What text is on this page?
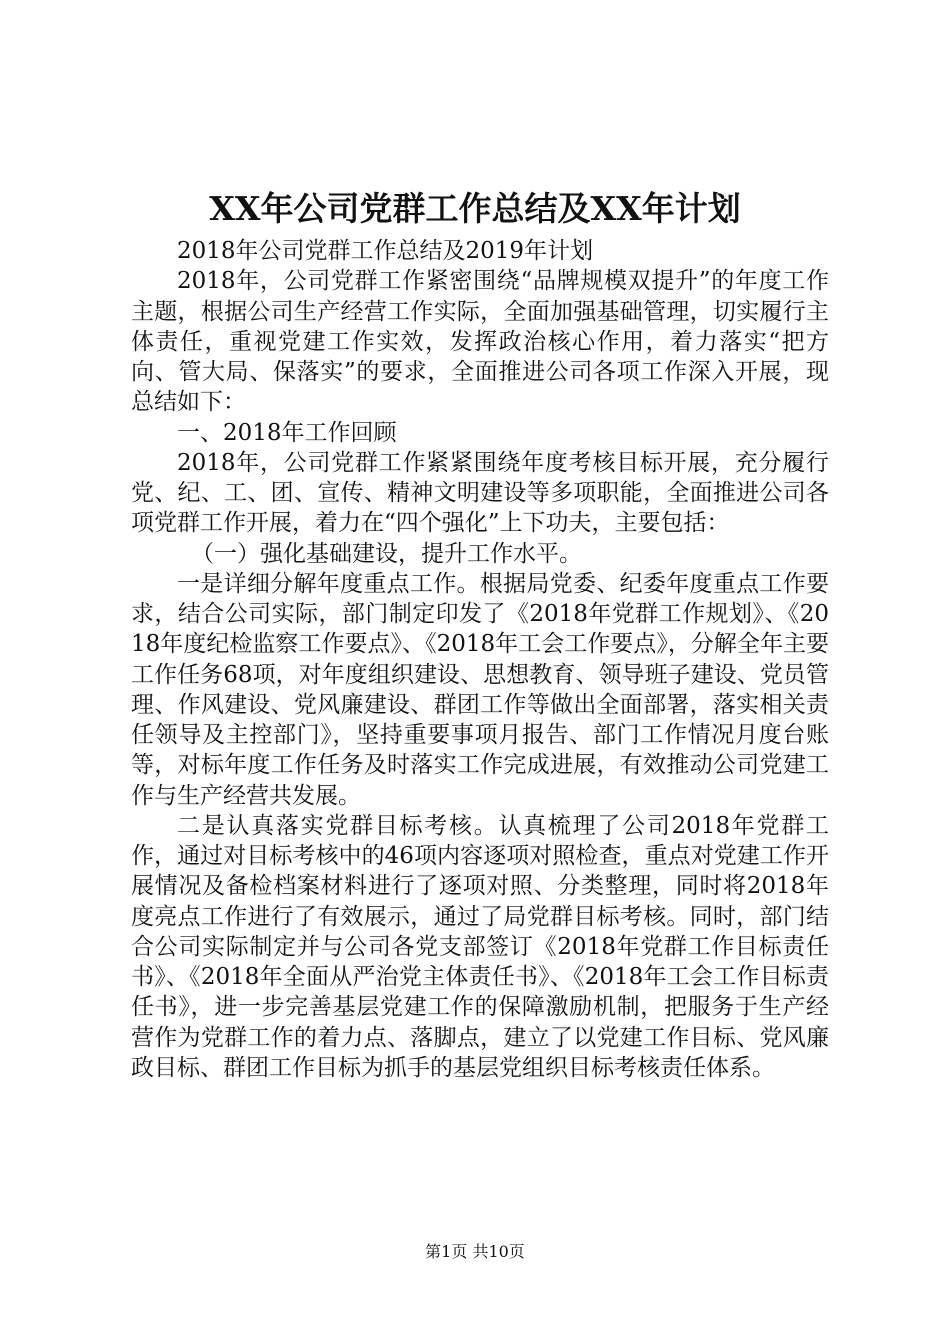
XX年公司党群工作总结及XX年计划

2018年公司党群工作总结及2019年计划

2018年，公司党群工作紧密围绕“品牌规模双提升”的年度工作主题，根据公司生产经营工作实际，全面加强基础管理，切实履行主体责任，重视党建工作实效，发挥政治核心作用，着力落实“把方向、管大局、保落实”的要求，全面推进公司各项工作深入开展，现总结如下：

一、2018年工作回顾

2018年，公司党群工作紧紧围绕年度考核目标开展，充分履行党、纪、工、团、宣传、精神文明建设等多项职能，全面推进公司各项党群工作开展，着力在“四个强化”上下功夫，主要包括：

（一）强化基础建设，提升工作水平。

一是详细分解年度重点工作。根据局党委、纪委年度重点工作要求，结合公司实际，部门制定印发了《2018年党群工作规划》、《2018年度纪检监察工作要点》、《2018年工会工作要点》，分解全年主要工作任务68项，对年度组织建设、思想教育、领导班子建设、党员管理、作风建设、党风廉建设、群团工作等做出全面部署，落实相关责任领导及主控部门》，坚持重要事项月报告、部门工作情况月度台账等，对标年度工作任务及时落实工作完成进展，有效推动公司党建工作与生产经营共发展。

二是认真落实党群目标考核。认真梳理了公司2018年党群工作，通过对目标考核中的46项内容逐项对照检查，重点对党建工作开展情况及备检档案材料进行了逐项对照、分类整理，同时将2018年度亮点工作进行了有效展示，通过了局党群目标考核。同时，部门结合公司实际制定并与公司各党支部签订《2018年党群工作目标责任书》、《2018年全面从严治党主体责任书》、《2018年工会工作目标责任书》，进一步完善基层党建工作的保障激励机制，把服务于生产经营作为党群工作的着力点、落脚点，建立了以党建工作目标、党风廉政目标、群团工作目标为抓手的基层党组织目标考核责任体系。

第1页 共10页
